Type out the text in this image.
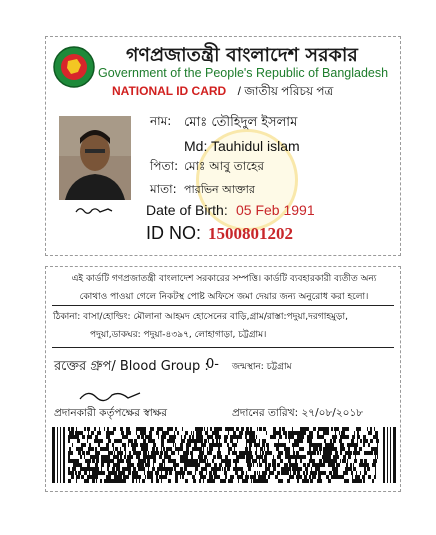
গণপ্রজাতন্ত্রী বাংলাদেশ সরকার
Government of the People's Republic of Bangladesh
NATIONAL ID CARD / জাতীয় পরিচয় পত্র
নাম: মোঃ তৌহিদুল ইসলাম
Md: Tauhidul islam
পিতা: মোঃ আবু তাহের
মাতা: পারভিন আক্তার
Date of Birth: 05 Feb 1991
ID NO: 1500801202
এই কার্ডটি গণপ্রজাতন্ত্রী বাংলাদেশ সরকারের সম্পত্তি। কার্ডটি ব্যবহারকারী ব্যতীত অন্য
কোথাও পাওয়া গেলে নিকটস্থ পোষ্ট অফিসে জমা দেয়ার জন্য অনুরোধ করা হলো।
ঠিকানা: বাসা/হোল্ডিং: মৌলানা আহমদ হোসেনের বাড়ি,গ্রাম/রাস্তা:পদুয়া,দরগাহমুড়া,
পদুয়া,ডাকঘর: পদুয়া-৪৩৯৭, লোহাগাড়া, চট্টগ্রাম।
রক্তের গ্রুপ/ Blood Group :
0- জন্মস্থান: চট্টগ্রাম
প্রদানকারী কর্তৃপক্ষের স্বাক্ষর	প্রদানের তারিখ: ২৭/০৮/২০১৮
